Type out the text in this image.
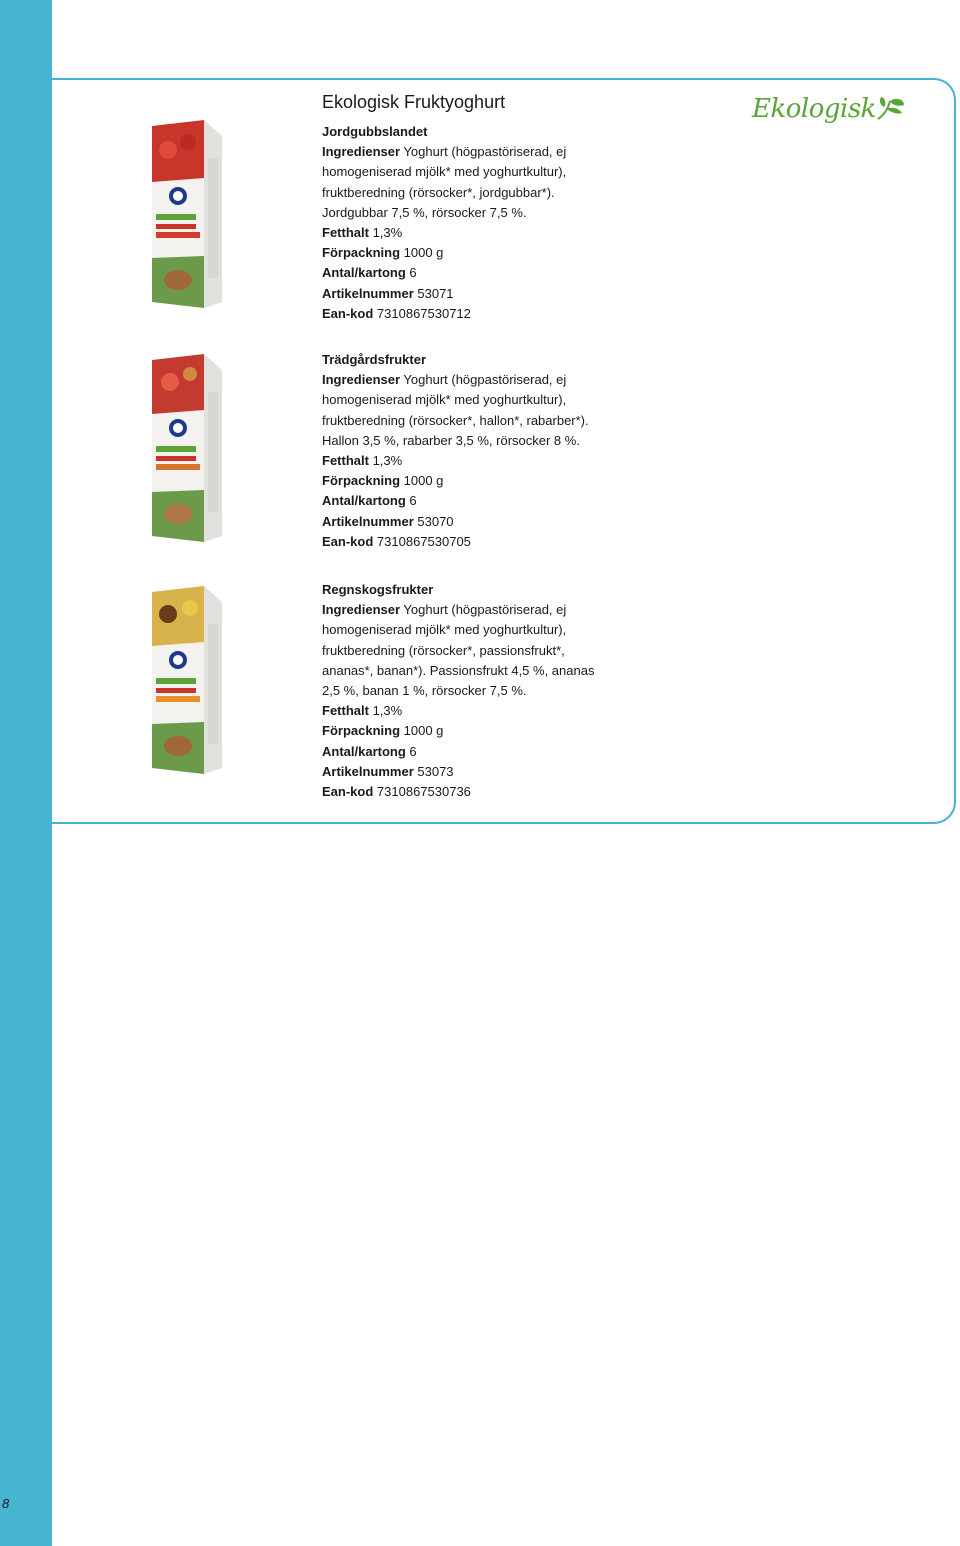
8
Ekologisk Fruktyoghurt	Ekologisk
Jordgubbslandet
Ingredienser Yoghurt (högpastöriserad, ej
homogeniserad mjölk* med yoghurtkultur),
fruktberedning (rörsocker*, jordgubbar*).
Jordgubbar 7,5 %, rörsocker 7,5 %.
Fetthalt 1,3%
Förpackning 1000 g
Antal/kartong 6
Artikelnummer 53071
Ean-kod 7310867530712
Trädgårdsfrukter
Ingredienser Yoghurt (högpastöriserad, ej
homogeniserad mjölk* med yoghurtkultur),
fruktberedning (rörsocker*, hallon*, rabarber*).
Hallon 3,5 %, rabarber 3,5 %, rörsocker 8 %.
Fetthalt 1,3%
Förpackning 1000 g
Antal/kartong 6
Artikelnummer 53070
Ean-kod 7310867530705
Regnskogsfrukter
Ingredienser Yoghurt (högpastöriserad, ej
homogeniserad mjölk* med yoghurtkultur),
fruktberedning (rörsocker*, passionsfrukt*,
ananas*, banan*). Passionsfrukt 4,5 %, ananas
2,5 %, banan 1 %, rörsocker 7,5 %.
Fetthalt 1,3%
Förpackning 1000 g
Antal/kartong 6
Artikelnummer 53073
Ean-kod 7310867530736
